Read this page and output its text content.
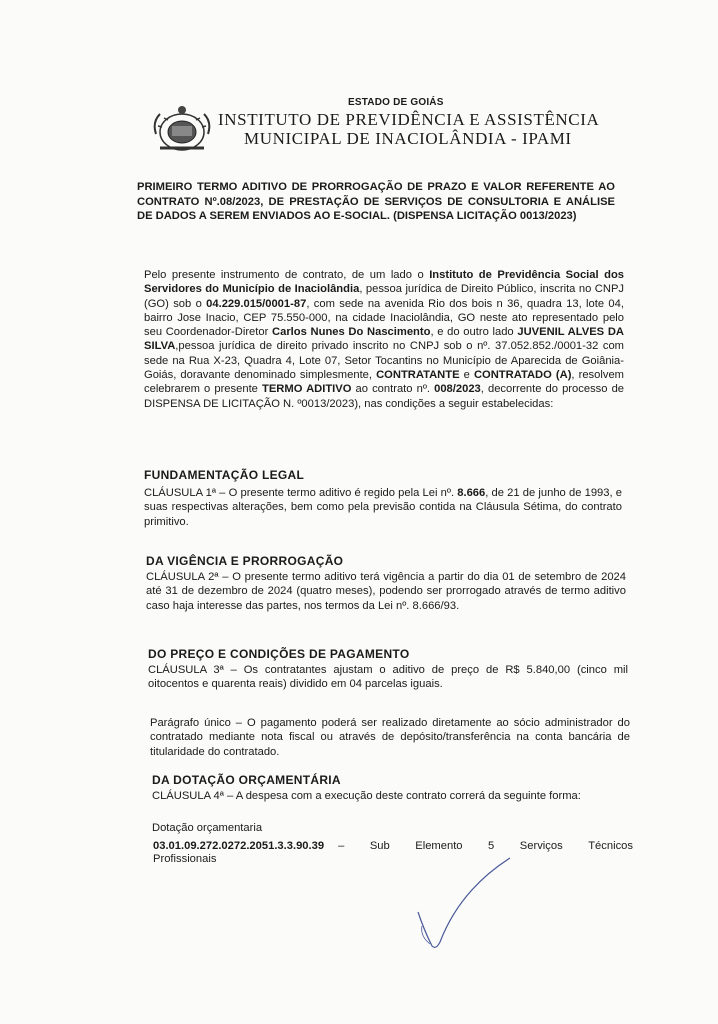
ESTADO DE GOIÁS
INSTITUTO DE PREVIDÊNCIA E ASSISTÊNCIA
MUNICIPAL DE INACIOLÂNDIA - IPAMI
PRIMEIRO TERMO ADITIVO DE PRORROGAÇÃO DE PRAZO E VALOR REFERENTE AO CONTRATO Nº.08/2023, DE PRESTAÇÃO DE SERVIÇOS DE CONSULTORIA E ANÁLISE DE DADOS A SEREM ENVIADOS AO E-SOCIAL. (DISPENSA LICITAÇÃO 0013/2023)
Pelo presente instrumento de contrato, de um lado o Instituto de Previdência Social dos Servidores do Município de Inaciolândia, pessoa jurídica de Direito Público, inscrita no CNPJ (GO) sob o 04.229.015/0001-87, com sede na avenida Rio dos bois n 36, quadra 13, lote 04, bairro Jose Inacio, CEP 75.550-000, na cidade Inaciolândia, GO neste ato representado pelo seu Coordenador-Diretor Carlos Nunes Do Nascimento, e do outro lado JUVENIL ALVES DA SILVA,pessoa jurídica de direito privado inscrito no CNPJ sob o nº. 37.052.852./0001-32 com sede na Rua X-23, Quadra 4, Lote 07, Setor Tocantins no Município de Aparecida de Goiânia-Goiás, doravante denominado simplesmente, CONTRATANTE e CONTRATADO (A), resolvem celebrarem o presente TERMO ADITIVO ao contrato nº. 008/2023, decorrente do processo de DISPENSA DE LICITAÇÃO N. º0013/2023), nas condições a seguir estabelecidas:
FUNDAMENTAÇÃO LEGAL
CLÁUSULA 1ª – O presente termo aditivo é regido pela Lei nº. 8.666, de 21 de junho de 1993, e suas respectivas alterações, bem como pela previsão contida na Cláusula Sétima, do contrato primitivo.
DA VIGÊNCIA E PRORROGAÇÃO
CLÁUSULA 2ª – O presente termo aditivo terá vigência a partir do dia 01 de setembro de 2024 até 31 de dezembro de 2024 (quatro meses), podendo ser prorrogado através de termo aditivo caso haja interesse das partes, nos termos da Lei nº. 8.666/93.
DO PREÇO E CONDIÇÕES DE PAGAMENTO
CLÁUSULA 3ª – Os contratantes ajustam o aditivo de preço de R$ 5.840,00 (cinco mil oitocentos e quarenta reais) dividido em 04 parcelas iguais.
Parágrafo único – O pagamento poderá ser realizado diretamente ao sócio administrador do contratado mediante nota fiscal ou através de depósito/transferência na conta bancária de titularidade do contratado.
DA DOTAÇÃO ORÇAMENTÁRIA
CLÁUSULA 4ª – A despesa com a execução deste contrato correrá da seguinte forma:
Dotação orçamentaria
03.01.09.272.0272.2051.3.3.90.39 – Sub Elemento 5 Serviços Técnicos
Profissionais
